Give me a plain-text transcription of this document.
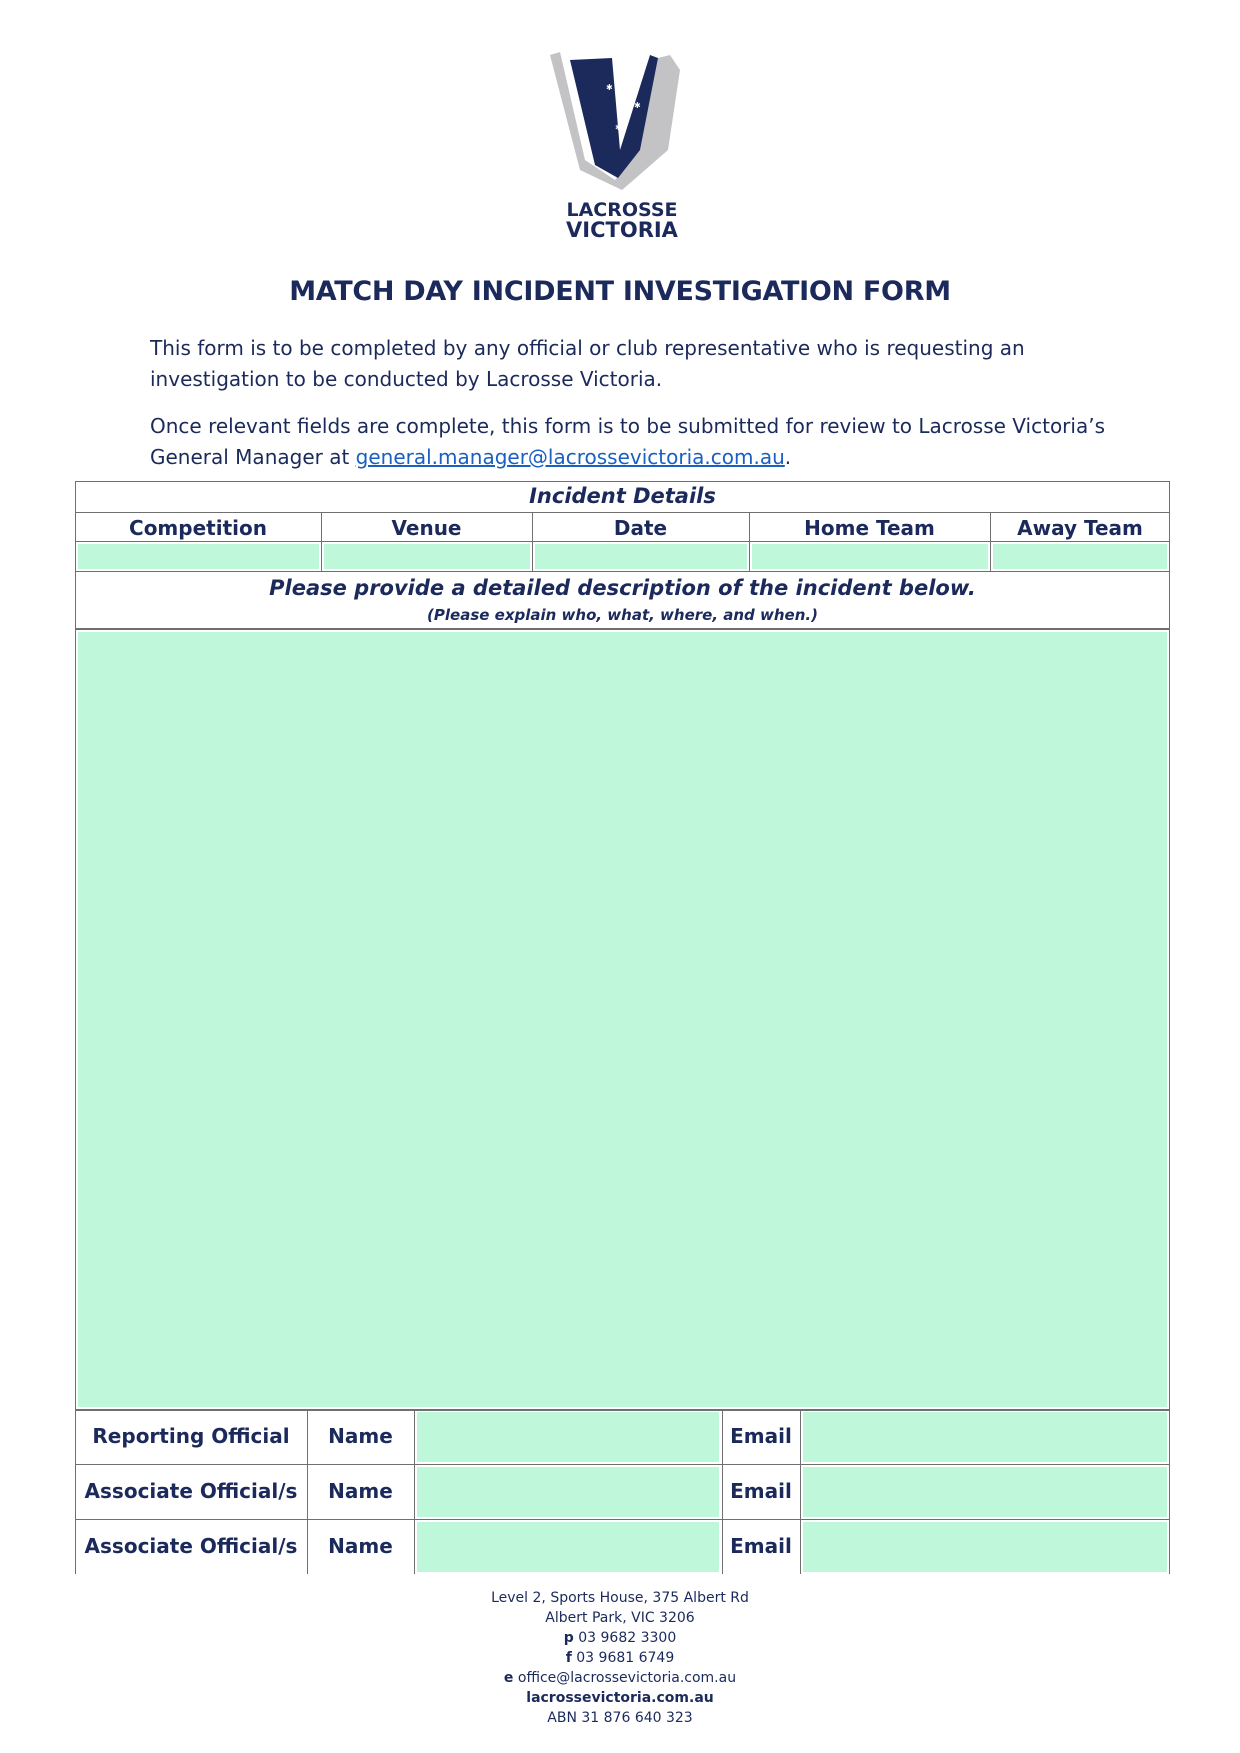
✱
✱
✱
✱
LACROSSE
VICTORIA
MATCH DAY INCIDENT INVESTIGATION FORM
This form is to be completed by any official or club representative who is requesting an investigation to be conducted by Lacrosse Victoria.
Once relevant fields are complete, this form is to be submitted for review to Lacrosse Victoria’s General Manager at general.manager@lacrossevictoria.com.au.
Incident Details
Competition	Venue	Date	Home Team	Away Team
Please provide a detailed description of the incident below.
(Please explain who, what, where, and when.)
Reporting Official	Name	Email
Associate Official/s	Name	Email
Associate Official/s	Name	Email
Level 2, Sports House, 375 Albert Rd
Albert Park, VIC 3206
p 03 9682 3300
f 03 9681 6749
e office@lacrossevictoria.com.au
lacrossevictoria.com.au
ABN 31 876 640 323
